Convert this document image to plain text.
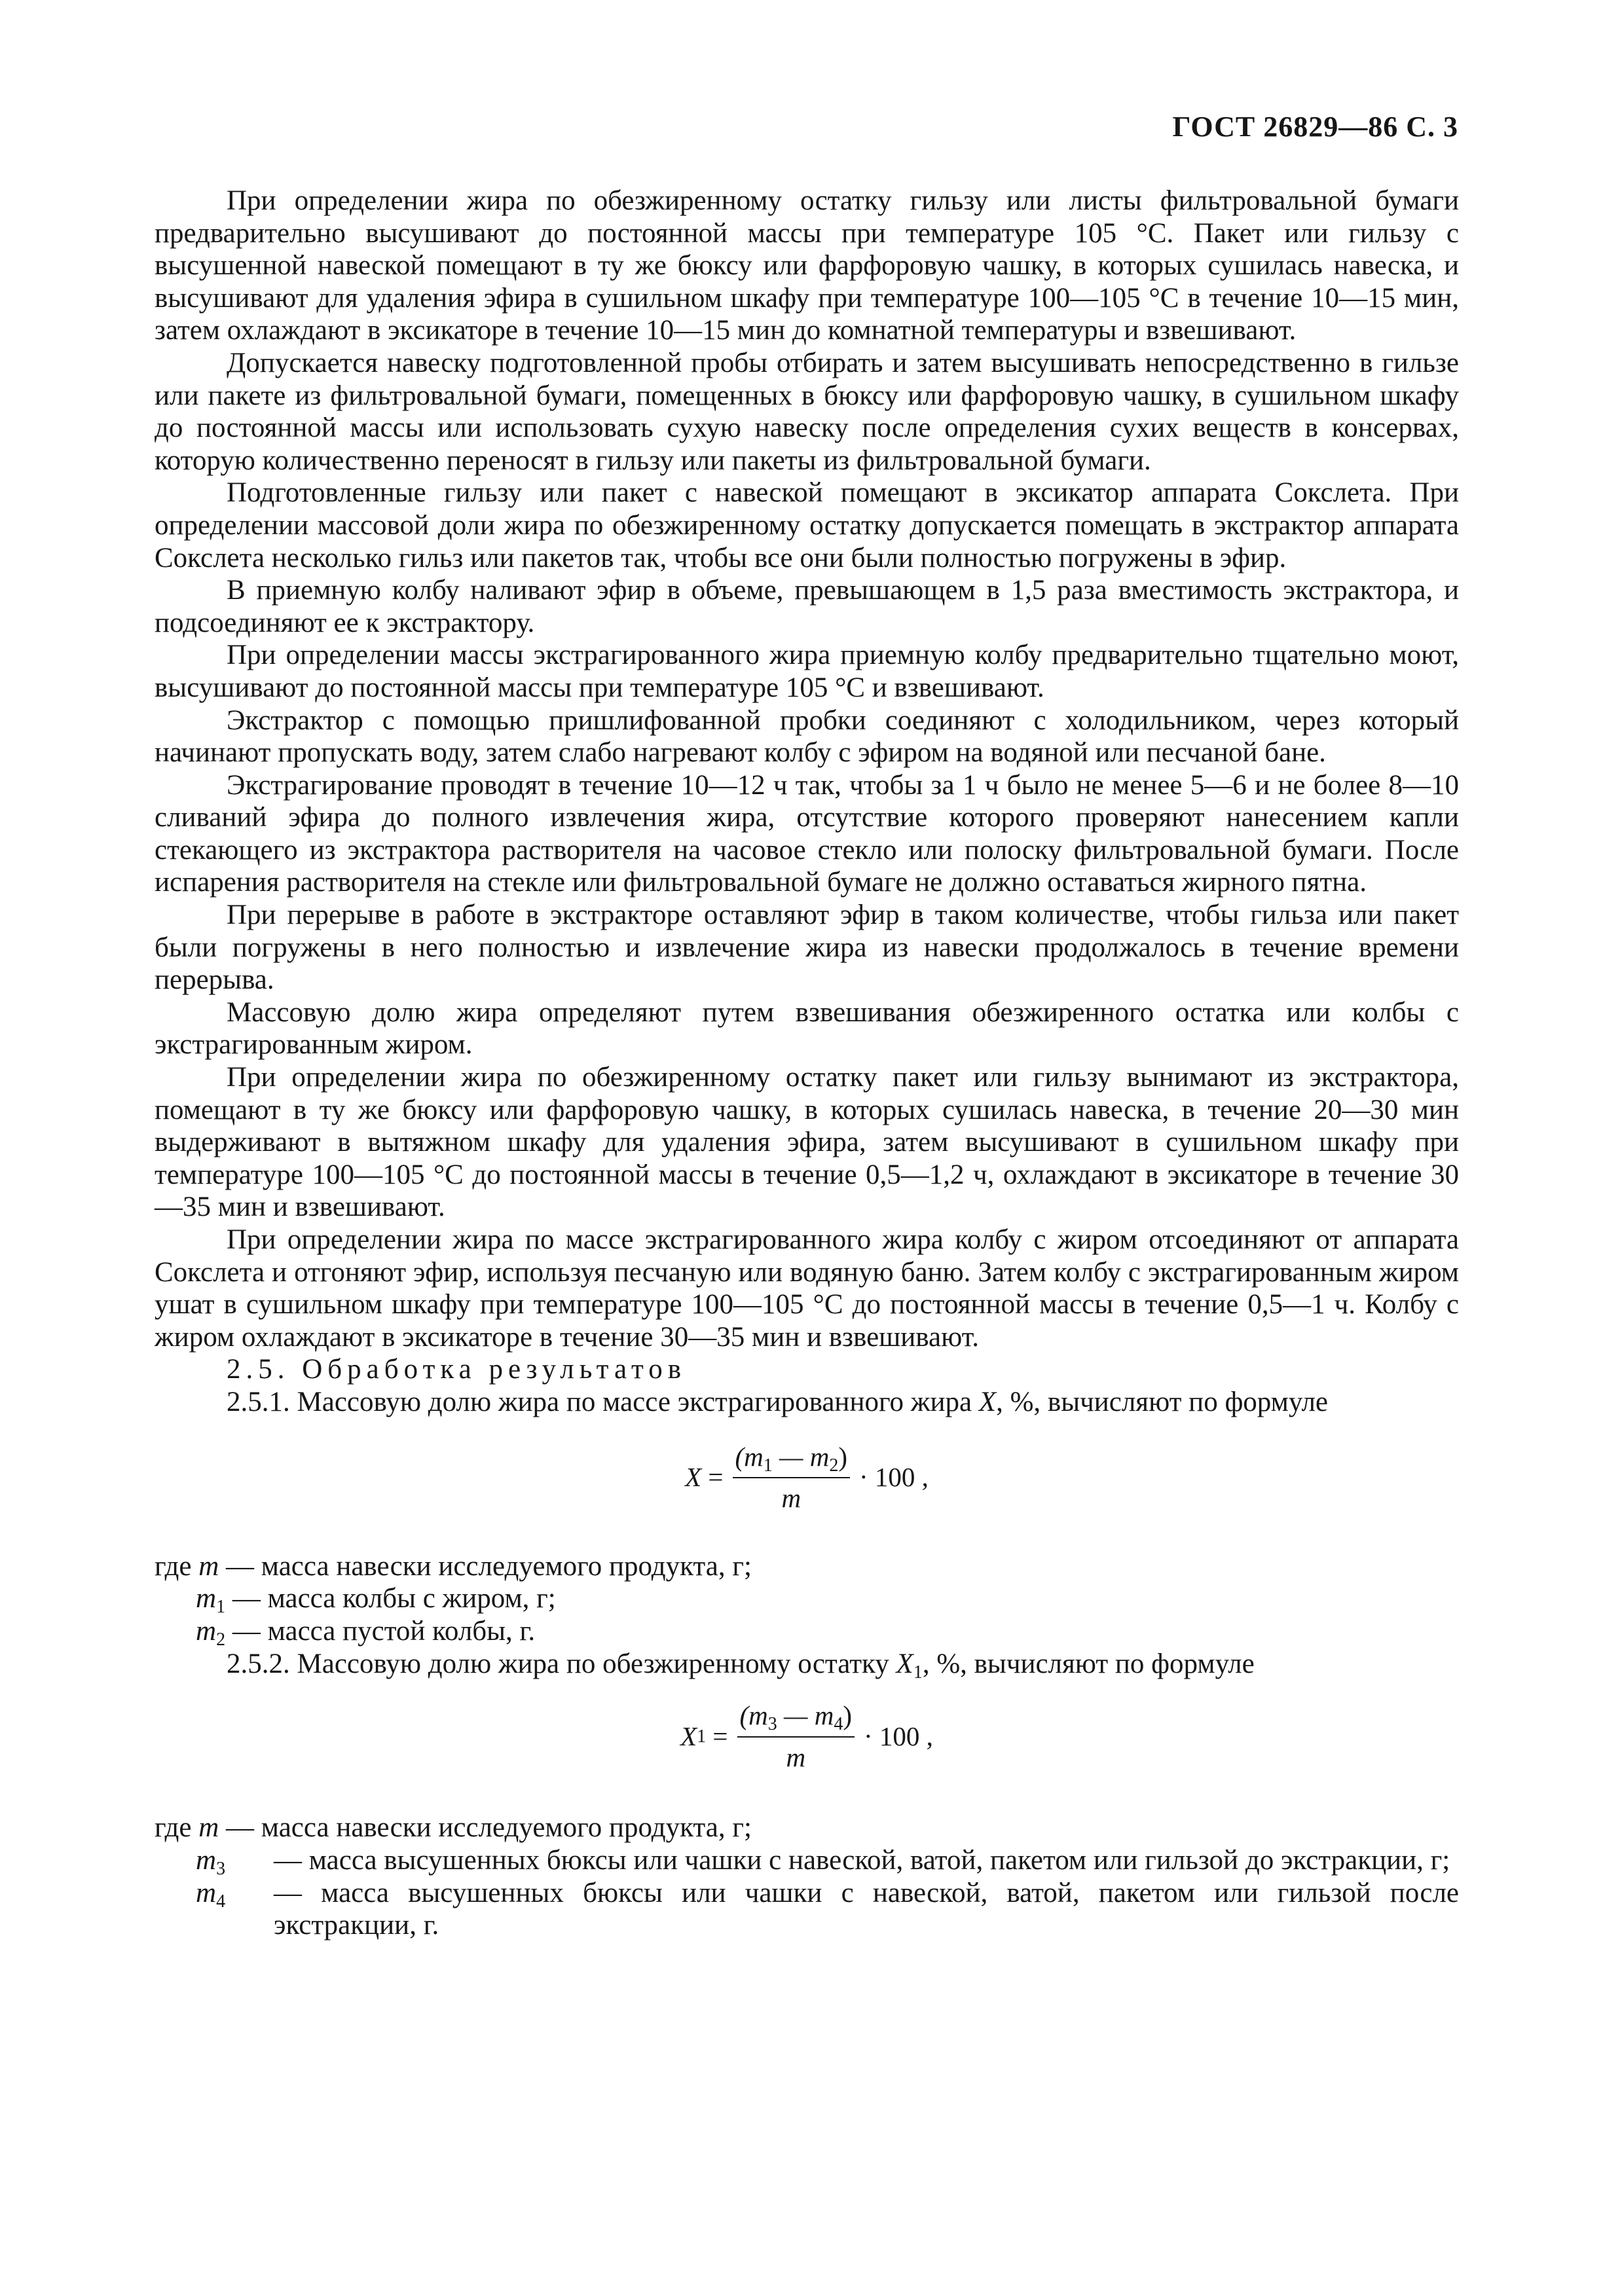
ГОСТ 26829—86 С. 3

При определении жира по обезжиренному остатку гильзу или листы фильтровальной бумаги предварительно высушивают до постоянной массы при температуре 105 °С. Пакет или гильзу с высушенной навеской помещают в ту же бюксу или фарфоровую чашку, в которых сушилась навеска, и высушивают для удаления эфира в сушильном шкафу при температуре 100—105 °С в течение 10—15 мин, затем охлаждают в эксикаторе в течение 10—15 мин до комнатной температуры и взвешивают.

Допускается навеску подготовленной пробы отбирать и затем высушивать непосредственно в гильзе или пакете из фильтровальной бумаги, помещенных в бюксу или фарфоровую чашку, в сушильном шкафу до постоянной массы или использовать сухую навеску после определения сухих веществ в консервах, которую количественно переносят в гильзу или пакеты из фильтровальной бумаги.

Подготовленные гильзу или пакет с навеской помещают в эксикатор аппарата Сокслета. При определении массовой доли жира по обезжиренному остатку допускается помещать в экстрактор аппарата Сокслета несколько гильз или пакетов так, чтобы все они были полностью погружены в эфир.

В приемную колбу наливают эфир в объеме, превышающем в 1,5 раза вместимость экстрактора, и подсоединяют ее к экстрактору.

При определении массы экстрагированного жира приемную колбу предварительно тщательно моют, высушивают до постоянной массы при температуре 105 °С и взвешивают.

Экстрактор с помощью пришлифованной пробки соединяют с холодильником, через который начинают пропускать воду, затем слабо нагревают колбу с эфиром на водяной или песчаной бане.

Экстрагирование проводят в течение 10—12 ч так, чтобы за 1 ч было не менее 5—6 и не более 8—10 сливаний эфира до полного извлечения жира, отсутствие которого проверяют нанесением капли стекающего из экстрактора растворителя на часовое стекло или полоску фильтровальной бумаги. После испарения растворителя на стекле или фильтровальной бумаге не должно оставаться жирного пятна.

При перерыве в работе в экстракторе оставляют эфир в таком количестве, чтобы гильза или пакет были погружены в него полностью и извлечение жира из навески продолжалось в течение времени перерыва.

Массовую долю жира определяют путем взвешивания обезжиренного остатка или колбы с экстрагированным жиром.

При определении жира по обезжиренному остатку пакет или гильзу вынимают из экстрактора, помещают в ту же бюксу или фарфоровую чашку, в которых сушилась навеска, в течение 20—30 мин выдерживают в вытяжном шкафу для удаления эфира, затем высушивают в сушильном шкафу при температуре 100—105 °С до постоянной массы в течение 0,5—1,2 ч, охлаждают в эксикаторе в течение 30—35 мин и взвешивают.

При определении жира по массе экстрагированного жира колбу с жиром отсоединяют от аппарата Сокслета и отгоняют эфир, используя песчаную или водяную баню. Затем колбу с экстрагированным жиром ушат в сушильном шкафу при температуре 100—105 °С до постоянной массы в течение 0,5—1 ч. Колбу с жиром охлаждают в эксикаторе в течение 30—35 мин и взвешивают.

2.5. Обработка результатов

2.5.1. Массовую долю жира по массе экстрагированного жира X, %, вычисляют по формуле

$X = \frac{(m_1 — m_2)}{m} \cdot 100$ ,

где m — масса навески исследуемого продукта, г;

$m_1$ — масса колбы с жиром, г;

$m_2$ — масса пустой колбы, г.

2.5.2. Массовую долю жира по обезжиренному остатку $X_1$, %, вычисляют по формуле

X $1 = \frac{(m_3 — m_4)}{m} \cdot 100$ ,

где m — масса навески исследуемого продукта, г;

$m_3$	— масса высушенных бюксы или чашки с навеской, ватой, пакетом или гильзой до экстракции, г;
$m_4$	— масса высушенных бюксы или чашки с навеской, ватой, пакетом или гильзой после экстракции, г.
